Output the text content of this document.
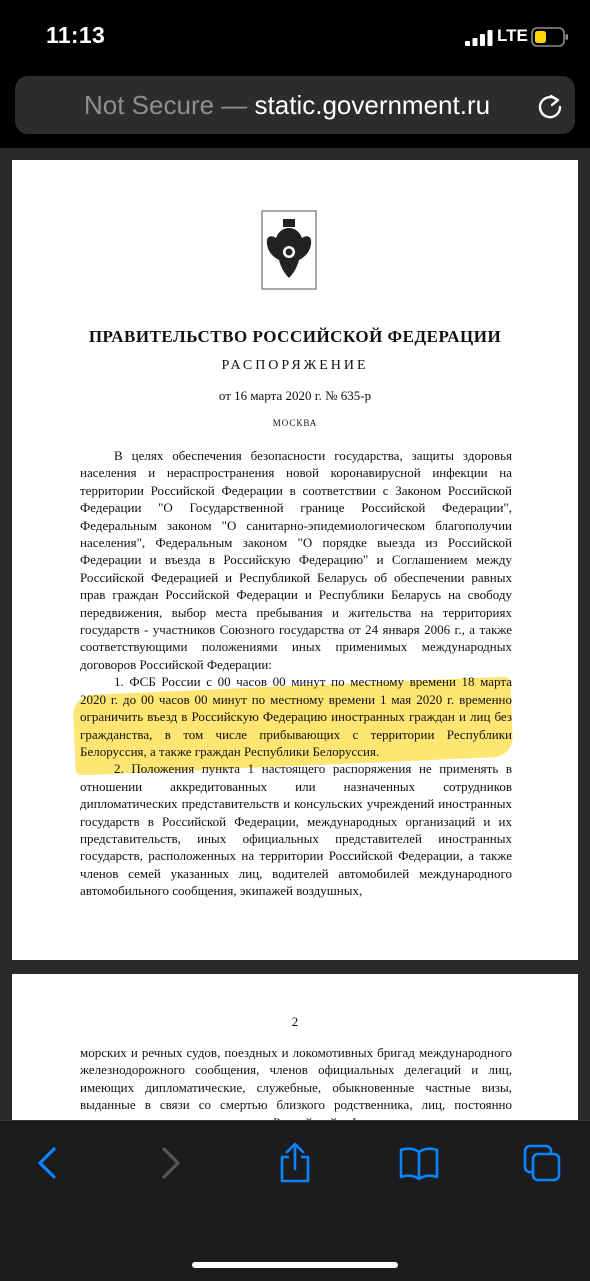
11:13	LTE
Not Secure — static.government.ru
ПРАВИТЕЛЬСТВО РОССИЙСКОЙ ФЕДЕРАЦИИ
РАСПОРЯЖЕНИЕ
от 16 марта 2020 г. № 635-р
МОСКВА

В целях обеспечения безопасности государства, защиты здоровья населения и нераспространения новой коронавирусной инфекции на территории Российской Федерации в соответствии с Законом Российской Федерации "О Государственной границе Российской Федерации", Федеральным законом "О санитарно-эпидемиологическом благополучии населения", Федеральным законом "О порядке выезда из Российской Федерации и въезда в Российскую Федерацию" и Соглашением между Российской Федерацией и Республикой Беларусь об обеспечении равных прав граждан Российской Федерации и Республики Беларусь на свободу передвижения, выбор места пребывания и жительства на территориях государств - участников Союзного государства от 24 января 2006 г., а также соответствующими положениями иных применимых международных договоров Российской Федерации:

1. ФСБ России с 00 часов 00 минут по местному времени 18 марта 2020 г. до 00 часов 00 минут по местному времени 1 мая 2020 г. временно ограничить въезд в Российскую Федерацию иностранных граждан и лиц без гражданства, в том числе прибывающих с территории Республики Белоруссия, а также граждан Республики Белоруссия.

2. Положения пункта 1 настоящего распоряжения не применять в отношении аккредитованных или назначенных сотрудников дипломатических представительств и консульских учреждений иностранных государств в Российской Федерации, международных организаций и их представительств, иных официальных представителей иностранных государств, расположенных на территории Российской Федерации, а также членов семей указанных лиц, водителей автомобилей международного автомобильного сообщения, экипажей воздушных,

2

морских и речных судов, поездных и локомотивных бригад международного железнодорожного сообщения, членов официальных делегаций и лиц, имеющих дипломатические, служебные, обыкновенные частные визы, выданные в связи со смертью близкого родственника, лиц, постоянно
